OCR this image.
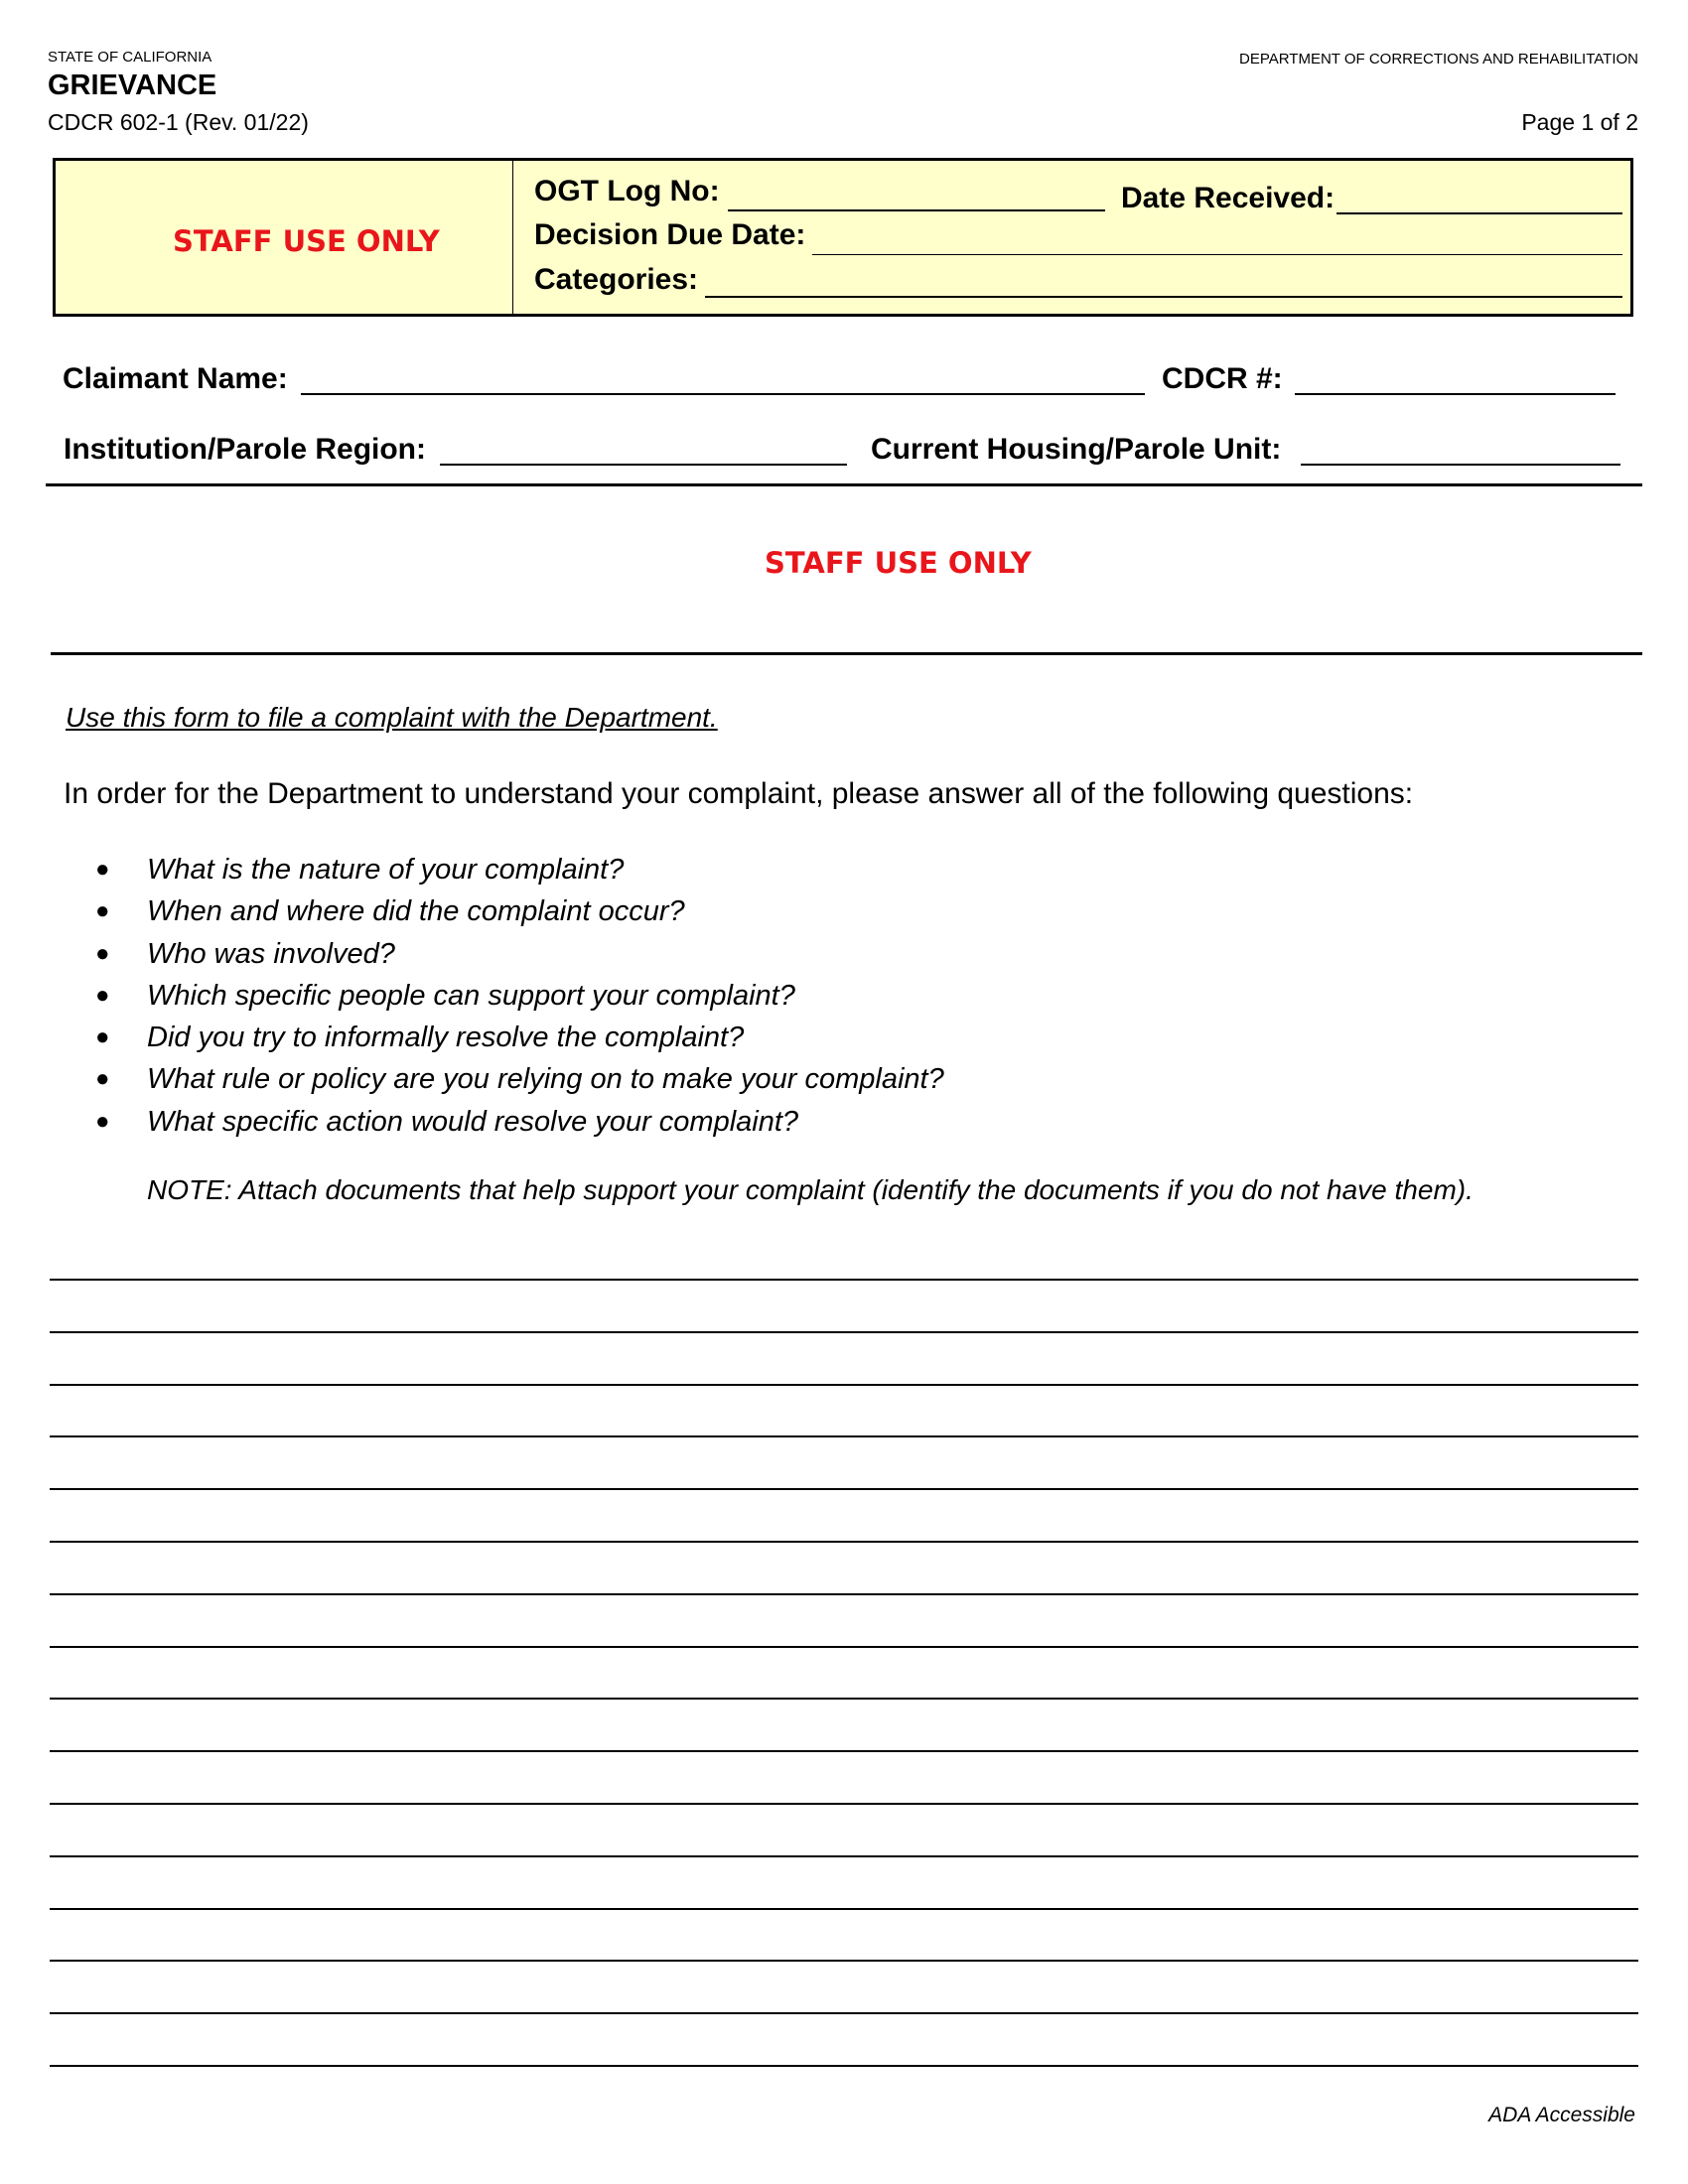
STATE OF CALIFORNIA
GRIEVANCE
CDCR 602-1 (Rev. 01/22)
DEPARTMENT OF CORRECTIONS AND REHABILITATION
Page 1 of 2
STAFF USE ONLY
OGT Log No:	Date Received:
Decision Due Date:
Categories:
Claimant Name:	CDCR #:
Institution/Parole Region:	Current Housing/Parole Unit:
STAFF USE ONLY
Use this form to file a complaint with the Department.
In order for the Department to understand your complaint, please answer all of the following questions:
● What is the nature of your complaint?
● When and where did the complaint occur?
● Who was involved?
● Which specific people can support your complaint?
● Did you try to informally resolve the complaint?
● What rule or policy are you relying on to make your complaint?
● What specific action would resolve your complaint?
NOTE: Attach documents that help support your complaint (identify the documents if you do not have them).
ADA Accessible
